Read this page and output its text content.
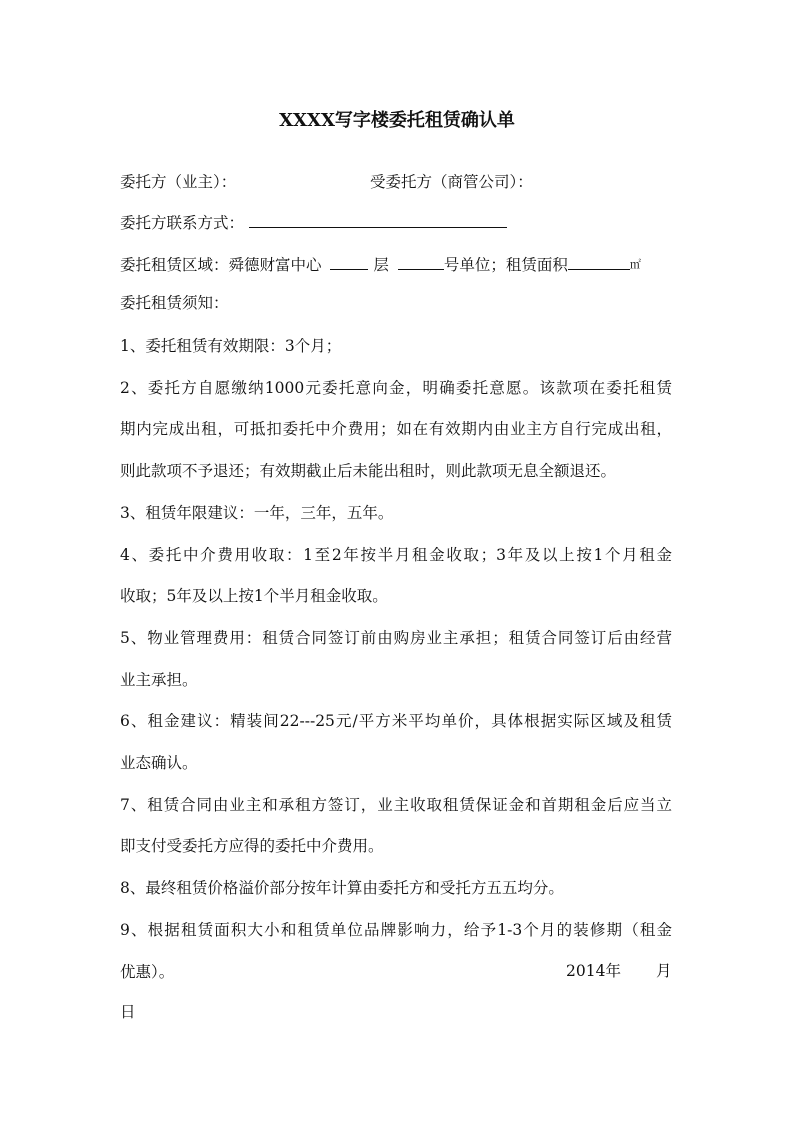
XXXX写字楼委托租赁确认单
委托方（业主）：	受委托方（商管公司）：
委托方联系方式：
委托租赁区域：舜德财富中心	层	号单位；租赁面积	㎡
委托租赁须知：
1、委托租赁有效期限：3个月；
2、委托方自愿缴纳1000元委托意向金，明确委托意愿。该款项在委托租赁
期内完成出租，可抵扣委托中介费用；如在有效期内由业主方自行完成出租，
则此款项不予退还；有效期截止后未能出租时，则此款项无息全额退还。
3、租赁年限建议：一年，三年，五年。
4、委托中介费用收取：1至2年按半月租金收取；3年及以上按1个月租金
收取；5年及以上按1个半月租金收取。
5、物业管理费用：租赁合同签订前由购房业主承担；租赁合同签订后由经营
业主承担。
6、租金建议：精装间22---25元/平方米平均单价，具体根据实际区域及租赁
业态确认。
7、租赁合同由业主和承租方签订，业主收取租赁保证金和首期租金后应当立
即支付受委托方应得的委托中介费用。
8、最终租赁价格溢价部分按年计算由委托方和受托方五五均分。
9、根据租赁面积大小和租赁单位品牌影响力，给予1-3个月的装修期（租金
优惠）。	2014年 月
日
